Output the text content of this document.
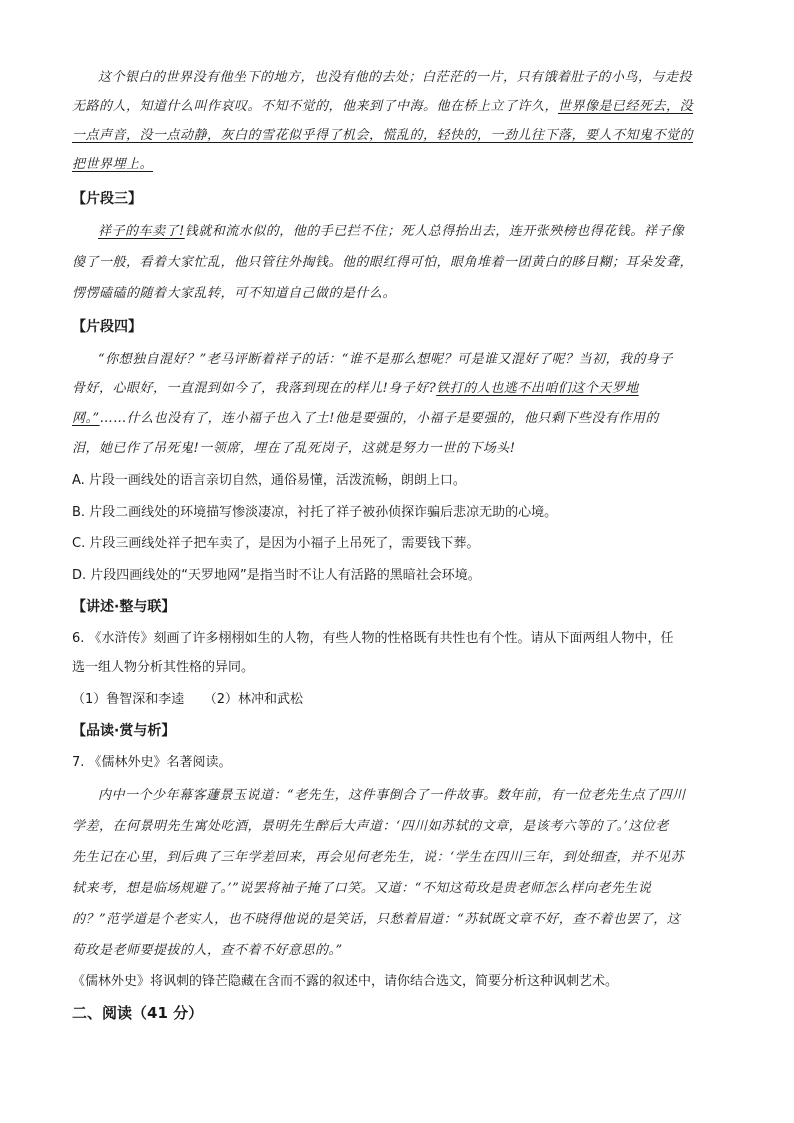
这个银白的世界没有他坐下的地方，也没有他的去处；白茫茫的一片，只有饿着肚子的小鸟，与走投
无路的人，知道什么叫作哀叹。不知不觉的，他来到了中海。他在桥上立了许久，世界像是已经死去，没
一点声音，没一点动静，灰白的雪花似乎得了机会，慌乱的，轻快的，一劲儿往下落，要人不知鬼不觉的
把世界埋上。
【片段三】
祥子的车卖了!钱就和流水似的，他的手已拦不住；死人总得抬出去，连开张殃榜也得花钱。祥子像
傻了一般，看着大家忙乱，他只管往外掏钱。他的眼红得可怕，眼角堆着一团黄白的眵目糊；耳朵发聋，
愣愣磕磕的随着大家乱转，可不知道自己做的是什么。
【片段四】
“你想独自混好？”老马评断着祥子的话：“谁不是那么想呢？可是谁又混好了呢？当初，我的身子
骨好，心眼好，一直混到如今了，我落到现在的样儿!身子好?铁打的人也逃不出咱们这个天罗地
网。”……什么也没有了，连小福子也入了土!他是要强的，小福子是要强的，他只剩下些没有作用的
泪，她已作了吊死鬼!一领席，埋在了乱死岗子，这就是努力一世的下场头!
A. 片段一画线处的语言亲切自然，通俗易懂，活泼流畅，朗朗上口。
B. 片段二画线处的环境描写惨淡凄凉，衬托了祥子被孙侦探诈骗后悲凉无助的心境。
C. 片段三画线处祥子把车卖了，是因为小福子上吊死了，需要钱下葬。
D. 片段四画线处的“天罗地网”是指当时不让人有活路的黑暗社会环境。
【讲述·整与联】
6. 《水浒传》刻画了许多栩栩如生的人物，有些人物的性格既有共性也有个性。请从下面两组人物中，任
选一组人物分析其性格的异同。
（1）鲁智深和李逵　　（2）林冲和武松
【品读·赏与析】
7. 《儒林外史》名著阅读。
内中一个少年幕客蘧景玉说道：“老先生，这件事倒合了一件故事。数年前，有一位老先生点了四川
学差，在何景明先生寓处吃酒，景明先生醉后大声道：‘四川如苏轼的文章，是该考六等的了。’这位老
先生记在心里，到后典了三年学差回来，再会见何老先生，说：‘学生在四川三年，到处细查，并不见苏
轼来考，想是临场规避了。’”说罢将袖子掩了口笑。又道：“不知这荀玫是贵老师怎么样向老先生说
的？”范学道是个老实人，也不晓得他说的是笑话，只愁着眉道：“苏轼既文章不好，查不着也罢了，这
荀玫是老师要提拔的人，查不着不好意思的。”
《儒林外史》将讽刺的锋芒隐藏在含而不露的叙述中，请你结合选文，简要分析这种讽刺艺术。
二、阅读（41 分）
